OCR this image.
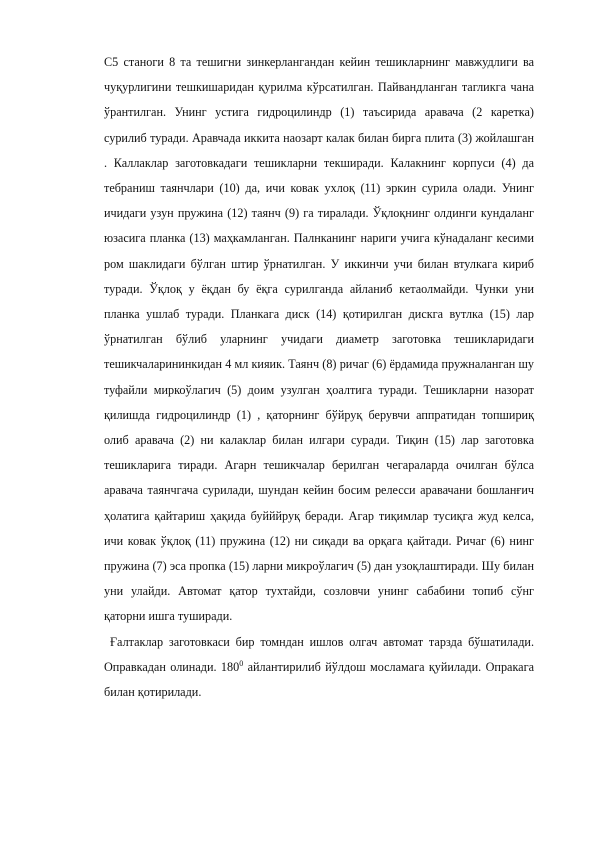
С5 станоги 8 та тешигни зинкерлангандан кейин тешикларнинг мавжудлиги ва чуқурлигини тешкишаридан қурилма кўрсатилган. Пайвандланган тагликга чана ўрантилган. Унинг устига гидроцилиндр (1) таъсирида аравача (2 каретка) сурилиб туради. Аравчада иккита наозарт калак билан бирга плита (3) жойлашган . Каллаклар заготовкадаги тешикларни текширади. Калакнинг корпуси (4) да тебраниш таянчлари (10) да, ичи ковак ухлоқ (11) эркин сурила олади. Унинг ичидаги узун пружина (12) таянч (9) га тиралади. Ўқлоқнинг олдинги кундаланг юзасига планка (13) маҳкамланган. Палнканинг нариги учига кўнадаланг кесими ром шаклидаги бўлган штир ўрнатилган. У иккинчи учи билан втулкага кириб туради. Ўқлоқ у ёқдан бу ёқга сурилганда айланиб кетаолмайди. Чунки уни планка ушлаб туради. Планкага диск (14) қотирилган дискга вутлка (15) лар ўрнатилган бўлиб уларнинг учидаги диаметр заготовка тешикларидаги тешикчаларининкидан 4 мл кияик. Таянч (8) ричаг (6) ёрдамида пружналанган шу туфайли миркоўлагич (5) доим узулган ҳоалтига туради. Тешикларни назорат қилишда гидроцилиндр (1) , қаторнинг бўйруқ берувчи аппратидан топшириқ олиб аравача (2) ни калаклар билан илгари суради. Тиқин (15) лар заготовка тешикларига тиради. Агарн тешикчалар берилган чегараларда очилган бўлса аравача таянчгача сурилади, шундан кейин босим релесси аравачани бошланғич ҳолатига қайтариш ҳақида буйййруқ беради. Агар тиқимлар тусиқга жуд келса, ичи ковак ўқлоқ (11) пружина (12) ни сиқади ва орқага қайтади. Ричаг (6) нинг пружина (7) эса пропка (15) ларни микроўлагич (5) дан узоқлаштиради. Шу билан уни улайди. Автомат қатор тухтайди, созловчи унинг сабабини топиб сўнг қаторни ишга туширади.

Ғалтаклар заготовкаси бир томндан ишлов олгач автомат тарзда бўшатилади. Оправкадан олинади. $180^0$ айлантирилиб йўлдош мосламага қуйилади. Опракага билан қотирилади.
